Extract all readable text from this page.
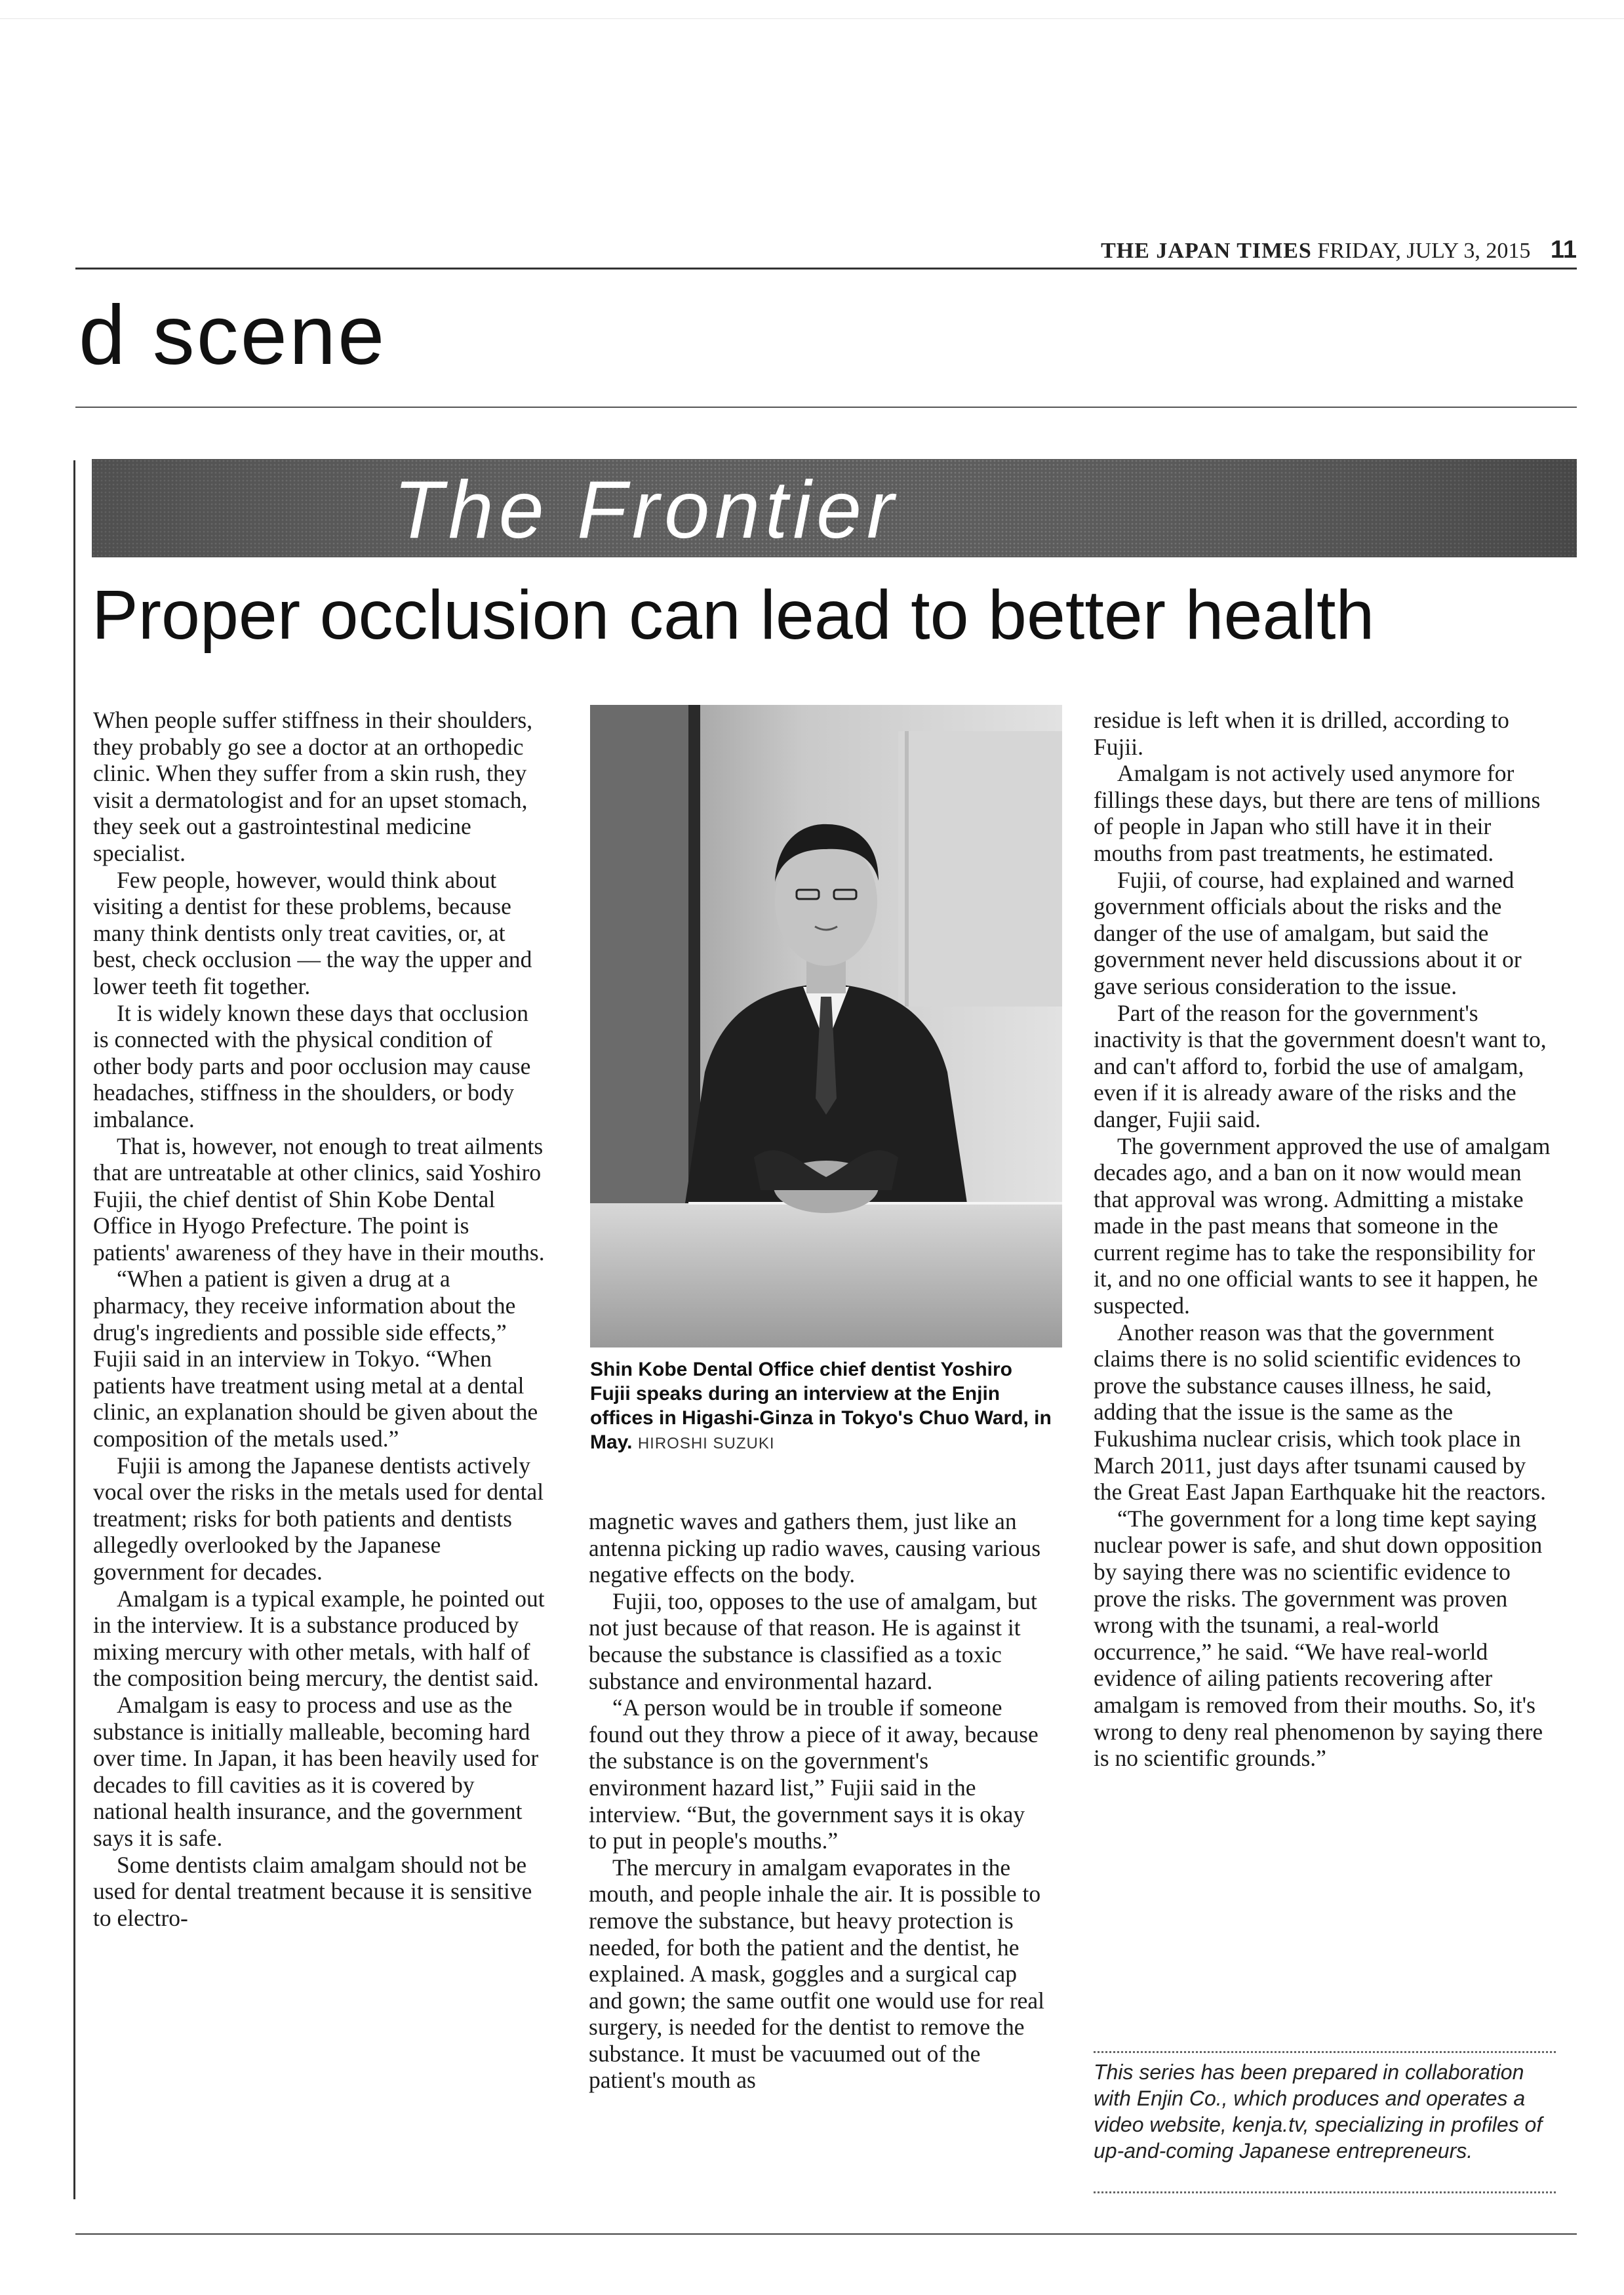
THE JAPAN TIMES FRIDAY, JULY 3, 2015 11
d scene
The Frontier
Proper occlusion can lead to better health

When people suffer stiffness in their shoulders, they probably go see a doctor at an orthopedic clinic. When they suffer from a skin rush, they visit a dermatologist and for an upset stomach, they seek out a gastrointestinal medicine specialist.

Few people, however, would think about visiting a dentist for these problems, because many think dentists only treat cavities, or, at best, check occlusion — the way the upper and lower teeth fit together.

It is widely known these days that occlusion is connected with the physical condition of other body parts and poor occlusion may cause headaches, stiffness in the shoulders, or body imbalance.

That is, however, not enough to treat ailments that are untreatable at other clinics, said Yoshiro Fujii, the chief dentist of Shin Kobe Dental Office in Hyogo Prefecture. The point is patients' awareness of they have in their mouths.

“When a patient is given a drug at a pharmacy, they receive information about the drug's ingredients and possible side effects,” Fujii said in an interview in Tokyo. “When patients have treatment using metal at a dental clinic, an explanation should be given about the composition of the metals used.”

Fujii is among the Japanese dentists actively vocal over the risks in the metals used for dental treatment; risks for both patients and dentists allegedly overlooked by the Japanese government for decades.

Amalgam is a typical example, he pointed out in the interview. It is a substance produced by mixing mercury with other metals, with half of the composition being mercury, the dentist said.

Amalgam is easy to process and use as the substance is initially malleable, becoming hard over time. In Japan, it has been heavily used for decades to fill cavities as it is covered by national health insurance, and the government says it is safe.

Some dentists claim amalgam should not be used for dental treatment because it is sensitive to electro-

Shin Kobe Dental Office chief dentist Yoshiro Fujii speaks during an interview at the Enjin offices in Higashi-Ginza in Tokyo's Chuo Ward, in May. HIROSHI SUZUKI

magnetic waves and gathers them, just like an antenna picking up radio waves, causing various negative effects on the body.

Fujii, too, opposes to the use of amalgam, but not just because of that reason. He is against it because the substance is classified as a toxic substance and environmental hazard.

“A person would be in trouble if someone found out they throw a piece of it away, because the substance is on the government's environment hazard list,” Fujii said in the interview. “But, the government says it is okay to put in people's mouths.”

The mercury in amalgam evaporates in the mouth, and people inhale the air. It is possible to remove the substance, but heavy protection is needed, for both the patient and the dentist, he explained. A mask, goggles and a surgical cap and gown; the same outfit one would use for real surgery, is needed for the dentist to remove the substance. It must be vacuumed out of the patient's mouth as

residue is left when it is drilled, according to Fujii.

Amalgam is not actively used anymore for fillings these days, but there are tens of millions of people in Japan who still have it in their mouths from past treatments, he estimated.

Fujii, of course, had explained and warned government officials about the risks and the danger of the use of amalgam, but said the government never held discussions about it or gave serious consideration to the issue.

Part of the reason for the government's inactivity is that the government doesn't want to, and can't afford to, forbid the use of amalgam, even if it is already aware of the risks and the danger, Fujii said.

The government approved the use of amalgam decades ago, and a ban on it now would mean that approval was wrong. Admitting a mistake made in the past means that someone in the current regime has to take the responsibility for it, and no one official wants to see it happen, he suspected.

Another reason was that the government claims there is no solid scientific evidences to prove the substance causes illness, he said, adding that the issue is the same as the Fukushima nuclear crisis, which took place in March 2011, just days after tsunami caused by the Great East Japan Earthquake hit the reactors.

“The government for a long time kept saying nuclear power is safe, and shut down opposition by saying there was no scientific evidence to prove the risks. The government was proven wrong with the tsunami, a real-world occurrence,” he said. “We have real-world evidence of ailing patients recovering after amalgam is removed from their mouths. So, it's wrong to deny real phenomenon by saying there is no scientific grounds.”

This series has been prepared in collaboration with Enjin Co., which produces and operates a video website, kenja.tv, specializing in profiles of up-and-coming Japanese entrepreneurs.
